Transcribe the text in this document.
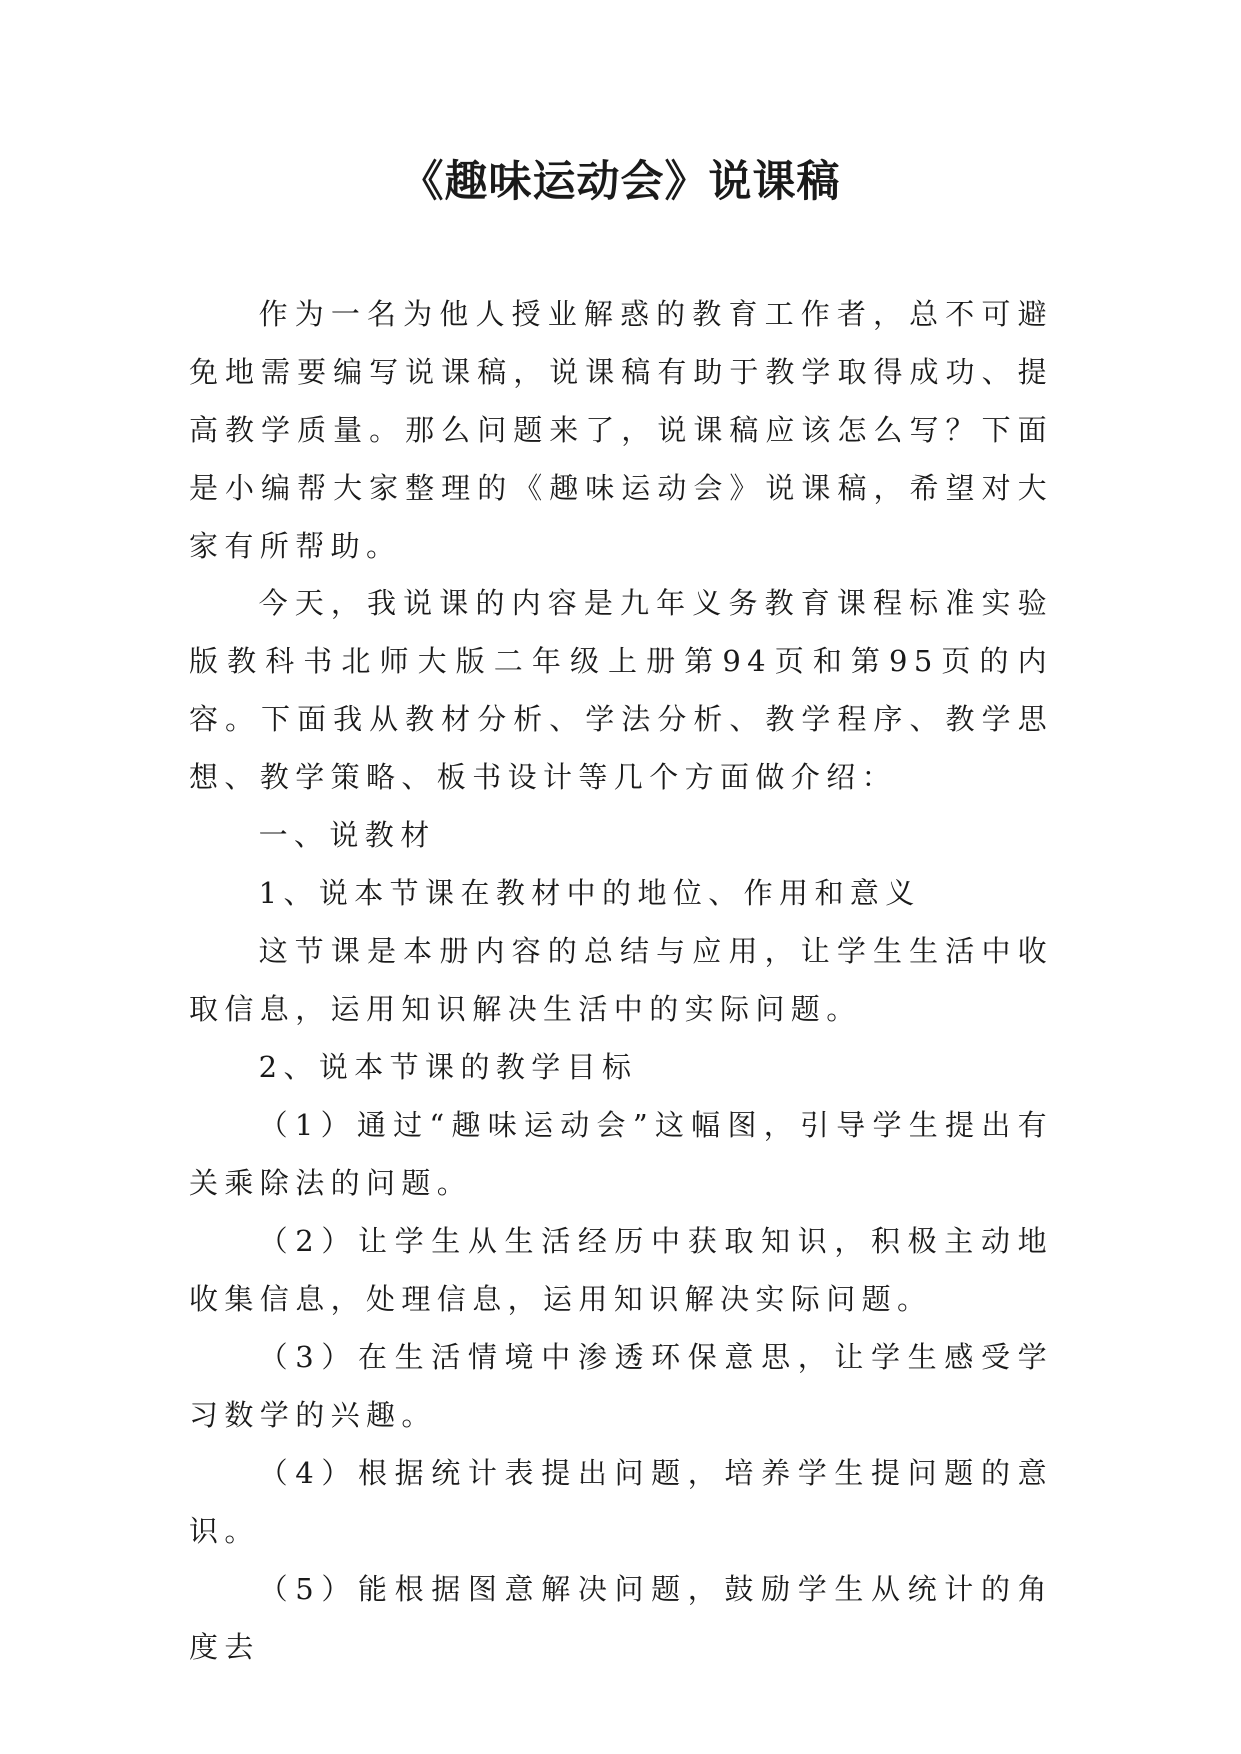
《趣味运动会》说课稿

作为一名为他人授业解惑的教育工作者，总不可避免地需要编写说课稿，说课稿有助于教学取得成功、提高教学质量。那么问题来了，说课稿应该怎么写？下面是小编帮大家整理的《趣味运动会》说课稿，希望对大家有所帮助。

今天，我说课的内容是九年义务教育课程标准实验版教科书北师大版二年级上册第94页和第95页的内容。下面我从教材分析、学法分析、教学程序、教学思想、教学策略、板书设计等几个方面做介绍：

一、说教材

1、说本节课在教材中的地位、作用和意义

这节课是本册内容的总结与应用，让学生生活中收取信息，运用知识解决生活中的实际问题。

2、说本节课的教学目标

（1）通过“趣味运动会”这幅图，引导学生提出有关乘除法的问题。

（2）让学生从生活经历中获取知识，积极主动地收集信息，处理信息，运用知识解决实际问题。

（3）在生活情境中渗透环保意思，让学生感受学习数学的兴趣。

（4）根据统计表提出问题，培养学生提问题的意识。

（5）能根据图意解决问题，鼓励学生从统计的角度去
